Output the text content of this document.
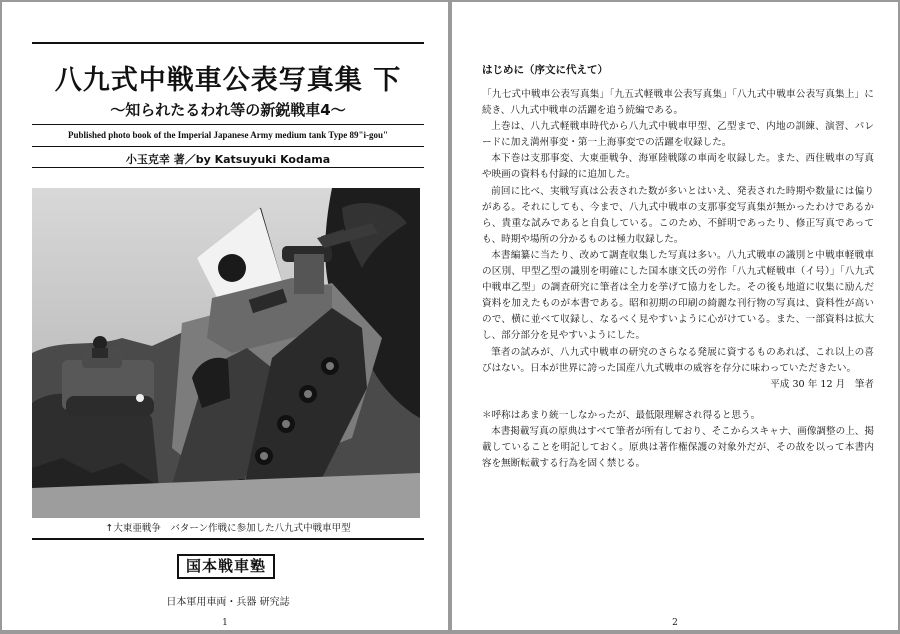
八九式中戦車公表写真集 下
〜知られたるわれ等の新鋭戦車4〜
Published photo book of the Imperial Japanese Army medium tank Type 89"i-gou"
小玉克幸 著／by Katsuyuki Kodama
↑大東亜戦争　バターン作戦に参加した八九式中戦車甲型
国本戦車塾
日本軍用車両・兵器 研究誌
1
はじめに（序文に代えて）

「九七式中戦車公表写真集」「九五式軽戦車公表写真集」「八九式中戦車公表写真集上」に続き、八九式中戦車の活躍を追う続編である。

上巻は、八九式軽戦車時代から八九式中戦車甲型、乙型まで、内地の訓練、演習、パレードに加え満州事変・第一上海事変での活躍を収録した。

本下巻は支那事変、大東亜戦争、海軍陸戦隊の車両を収録した。また、西住戦車の写真や映画の資料も付録的に追加した。

前回に比べ、実戦写真は公表された数が多いとはいえ、発表された時期や数量には偏りがある。それにしても、今まで、八九式中戦車の支那事変写真集が無かったわけであるから、貴重な試みであると自負している。このため、不鮮明であったり、修正写真であっても、時期や場所の分かるものは極力収録した。

本書編纂に当たり、改めて調査収集した写真は多い。八九式戦車の識別と中戦車軽戦車の区別、甲型乙型の識別を明確にした国本康文氏の労作「八九式軽戦車（イ号）」「八九式中戦車乙型」の調査研究に筆者は全力を挙げて協力をした。その後も地道に収集に励んだ資料を加えたものが本書である。昭和初期の印刷の綺麗な刊行物の写真は、資料性が高いので、横に並べて収録し、なるべく見やすいように心がけている。また、一部資料は拡大し、部分部分を見やすいようにした。

筆者の試みが、八九式中戦車の研究のさらなる発展に資するものあれば、これ以上の喜びはない。日本が世界に誇った国産八九式戦車の威容を存分に味わっていただきたい。

平成 30 年 12 月　筆者

＊呼称はあまり統一しなかったが、最低限理解され得ると思う。

本書掲載写真の原典はすべて筆者が所有しており、そこからスキャナ、画像調整の上、掲載していることを明記しておく。原典は著作権保護の対象外だが、その故を以って本書内容を無断転載する行為を固く禁じる。

2
